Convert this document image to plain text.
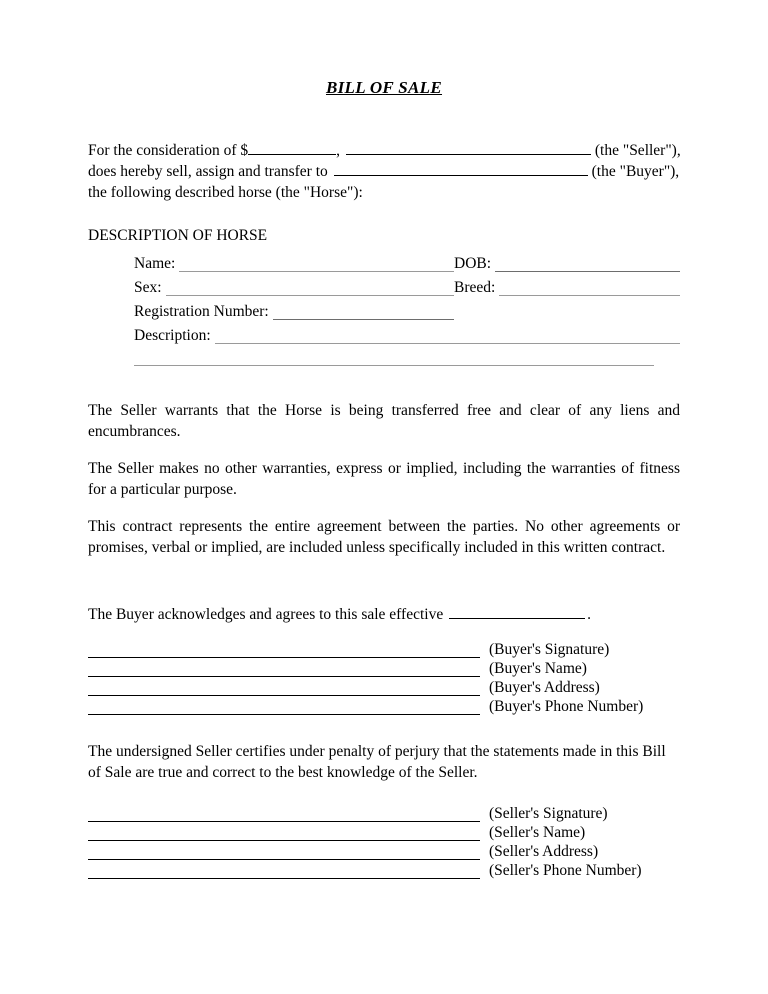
BILL OF SALE
For the consideration of $	,	(the "Seller"),
does hereby sell, assign and transfer to	(the "Buyer"),
the following described horse (the "Horse"):
DESCRIPTION OF HORSE
Name:	DOB:
Sex:	Breed:
Registration Number:
Description:

The Seller warrants that the Horse is being transferred free and clear of any liens and encumbrances.

The Seller makes no other warranties, express or implied, including the warranties of fitness for a particular purpose.

This contract represents the entire agreement between the parties. No other agreements or promises, verbal or implied, are included unless specifically included in this written contract.

The Buyer acknowledges and agrees to this sale effective	.
(Buyer's Signature)
(Buyer's Name)
(Buyer's Address)
(Buyer's Phone Number)

The undersigned Seller certifies under penalty of perjury that the statements made in this Bill of Sale are true and correct to the best knowledge of the Seller.

(Seller's Signature)
(Seller's Name)
(Seller's Address)
(Seller's Phone Number)
